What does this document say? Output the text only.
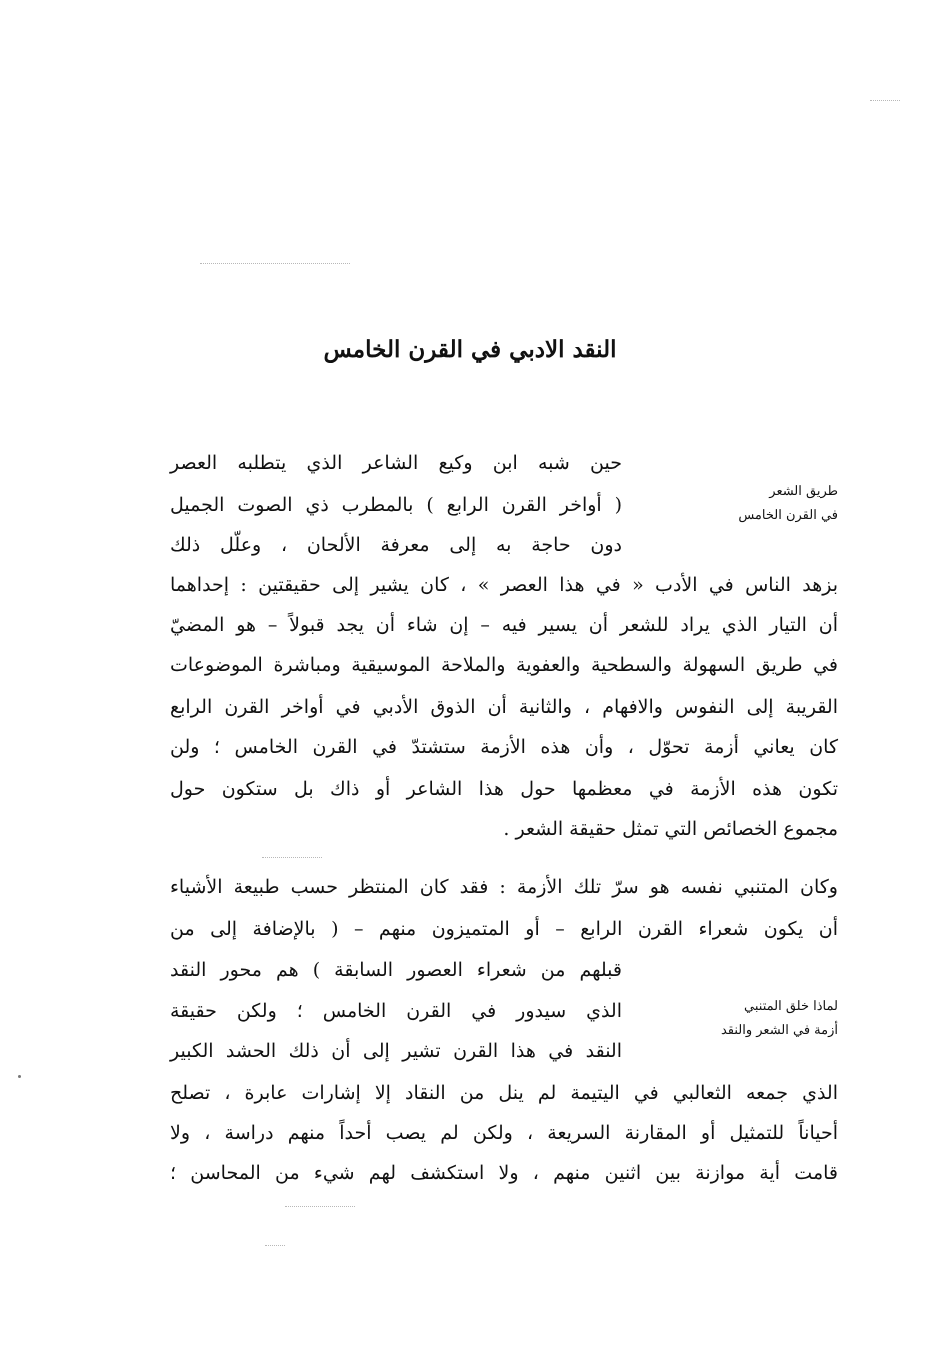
النقد الادبي في القرن الخامس
طريق الشعر
في القرن الخامس

حين شبه ابن وكيع الشاعر الذي يتطلبه العصر

( أواخر القرن الرابع ) بالمطرب ذي الصوت الجميل

دون حاجة به إلى معرفة الألحان ، وعلّل ذلك

بزهد الناس في الأدب « في هذا العصر » ، كان يشير إلى حقيقتين : إحداهما

أن التيار الذي يراد للشعر أن يسير فيه – إن شاء أن يجد قبولاً – هو المضيّ

في طريق السهولة والسطحية والعفوية والملاحة الموسيقية ومباشرة الموضوعات

القريبة إلى النفوس والافهام ، والثانية أن الذوق الأدبي في أواخر القرن الرابع

كان يعاني أزمة تحوّل ، وأن هذه الأزمة ستشتدّ في القرن الخامس ؛ ولن

تكون هذه الأزمة في معظمها حول هذا الشاعر أو ذاك بل ستكون حول

مجموع الخصائص التي تمثل حقيقة الشعر .

لماذا خلق المتنبي
أزمة في الشعر والنقد

وكان المتنبي نفسه هو سرّ تلك الأزمة : فقد كان المنتظر حسب طبيعة الأشياء

أن يكون شعراء القرن الرابع – أو المتميزون منهم – ( بالإضافة إلى من

قبلهم من شعراء العصور السابقة ) هم محور النقد

الذي سيدور في القرن الخامس ؛ ولكن حقيقة

النقد في هذا القرن تشير إلى أن ذلك الحشد الكبير

الذي جمعه الثعالبي في اليتيمة لم ينل من النقاد إلا إشارات عابرة ، تصلح

أحياناً للتمثيل أو المقارنة السريعة ، ولكن لم يصب أحداً منهم دراسة ، ولا

قامت أية موازنة بين اثنين منهم ، ولا استكشف لهم شيء من المحاسن ؛
